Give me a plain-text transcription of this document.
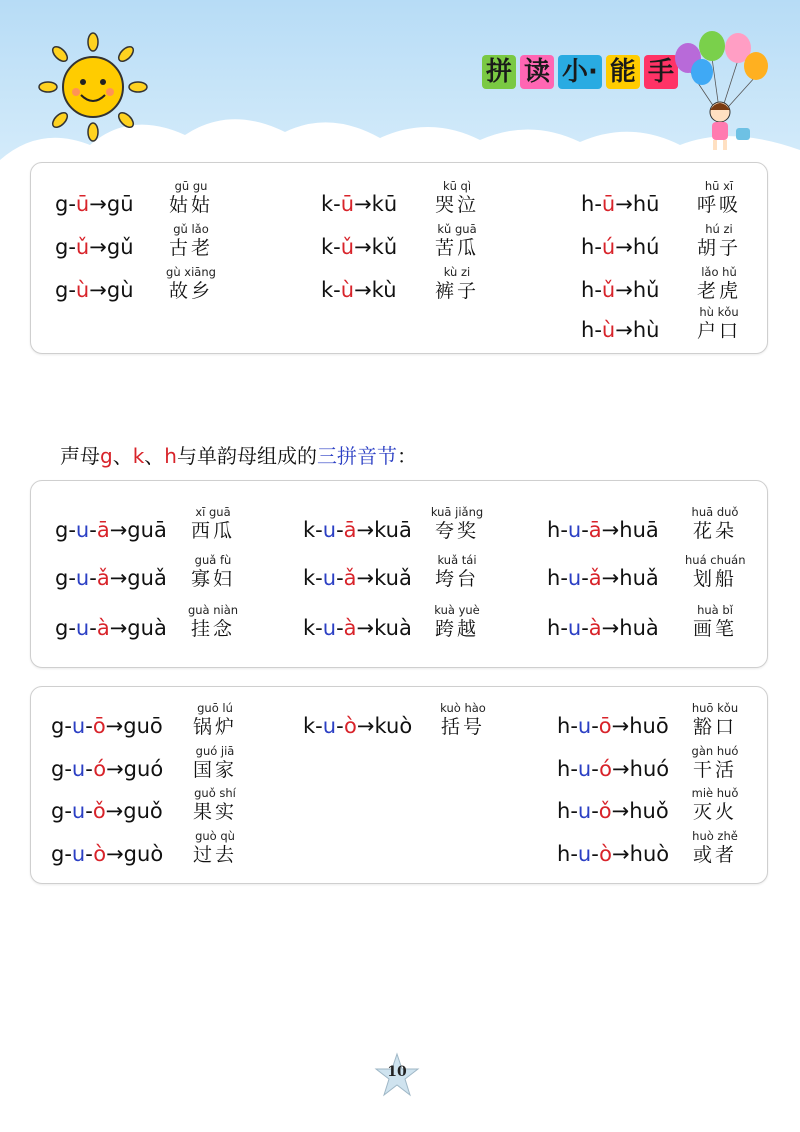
拼 读 小· 能 手
g-ū→gū
gū gu
姑姑
g-ǔ→gǔ
gǔ lǎo
古老
g-ù→gù
gù xiāng
故乡
k-ū→kū
kū qì
哭泣
k-ǔ→kǔ
kǔ guā
苦瓜
k-ù→kù
kù zi
裤子
h-ū→hū
hū xī
呼吸
h-ú→hú
hú zi
胡子
h-ǔ→hǔ
lǎo hǔ
老虎
h-ù→hù
hù kǒu
户口
声母g、k、h与单韵母组成的三拼音节：
g-u-ā→guā
xī guā
西瓜
g-u-ǎ→guǎ
guǎ fù
寡妇
g-u-à→guà
guà niàn
挂念
k-u-ā→kuā
kuā jiǎng
夸奖
k-u-ǎ→kuǎ
kuǎ tái
垮台
k-u-à→kuà
kuà yuè
跨越
h-u-ā→huā
huā duǒ
花朵
h-u-ǎ→huǎ
huá chuán
划船
h-u-à→huà
huà bǐ
画笔
g-u-ō→guō
guō lú
锅炉
g-u-ó→guó
guó jiā
国家
g-u-ǒ→guǒ
guǒ shí
果实
g-u-ò→guò
guò qù
过去
k-u-ò→kuò
kuò hào
括号	h-u-ō→huō
huō kǒu
豁口
h-u-ó→huó
gàn huó
干活
h-u-ǒ→huǒ
miè huǒ
灭火
h-u-ò→huò
huò zhě
或者
10
